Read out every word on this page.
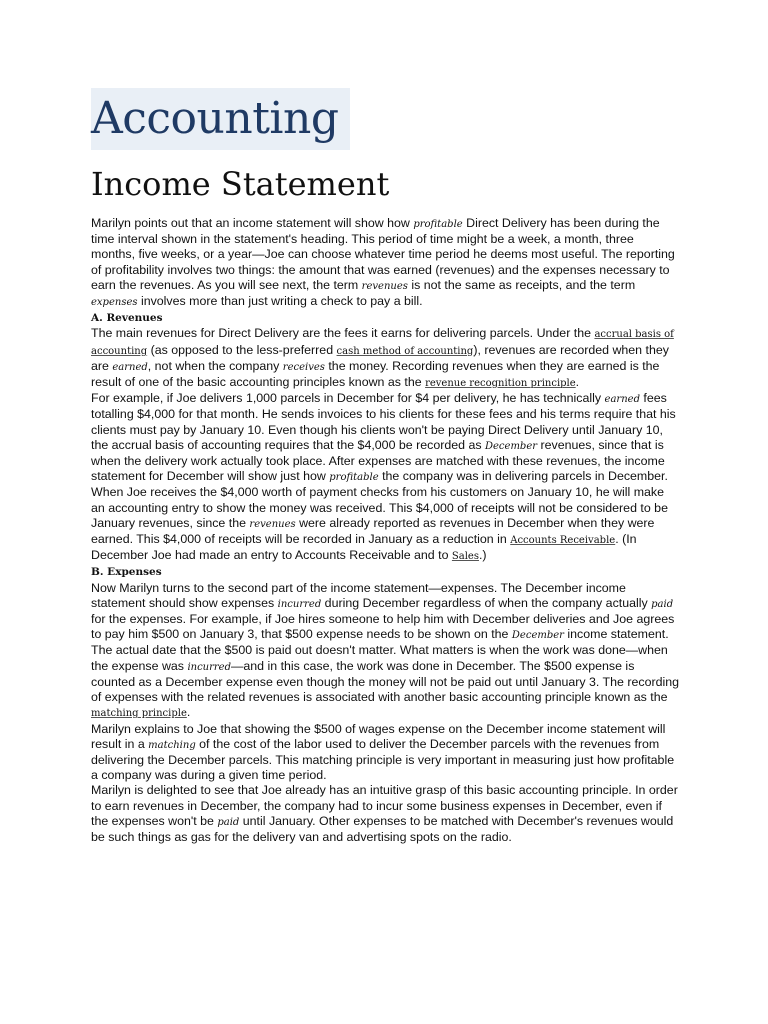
Accounting
Income Statement

Marilyn points out that an income statement will show how profitable Direct Delivery has been during the time interval shown in the statement's heading. This period of time might be a week, a month, three months, five weeks, or a year—Joe can choose whatever time period he deems most useful. The reporting of profitability involves two things: the amount that was earned (revenues) and the expenses necessary to earn the revenues. As you will see next, the term revenues is not the same as receipts, and the term expenses involves more than just writing a check to pay a bill.

A. Revenues

The main revenues for Direct Delivery are the fees it earns for delivering parcels. Under the accrual basis of accounting (as opposed to the less-preferred cash method of accounting), revenues are recorded when they are earned, not when the company receives the money. Recording revenues when they are earned is the result of one of the basic accounting principles known as the revenue recognition principle.

For example, if Joe delivers 1,000 parcels in December for $4 per delivery, he has technically earned fees totalling $4,000 for that month. He sends invoices to his clients for these fees and his terms require that his clients must pay by January 10. Even though his clients won't be paying Direct Delivery until January 10, the accrual basis of accounting requires that the $4,000 be recorded as December revenues, since that is when the delivery work actually took place. After expenses are matched with these revenues, the income statement for December will show just how profitable the company was in delivering parcels in December.

When Joe receives the $4,000 worth of payment checks from his customers on January 10, he will make an accounting entry to show the money was received. This $4,000 of receipts will not be considered to be January revenues, since the revenues were already reported as revenues in December when they were earned. This $4,000 of receipts will be recorded in January as a reduction in Accounts Receivable. (In December Joe had made an entry to Accounts Receivable and to Sales.)

B. Expenses

Now Marilyn turns to the second part of the income statement—expenses. The December income statement should show expenses incurred during December regardless of when the company actually paid for the expenses. For example, if Joe hires someone to help him with December deliveries and Joe agrees to pay him $500 on January 3, that $500 expense needs to be shown on the December income statement. The actual date that the $500 is paid out doesn't matter. What matters is when the work was done—when the expense was incurred—and in this case, the work was done in December. The $500 expense is counted as a December expense even though the money will not be paid out until January 3. The recording of expenses with the related revenues is associated with another basic accounting principle known as the matching principle.

Marilyn explains to Joe that showing the $500 of wages expense on the December income statement will result in a matching of the cost of the labor used to deliver the December parcels with the revenues from delivering the December parcels. This matching principle is very important in measuring just how profitable a company was during a given time period.

Marilyn is delighted to see that Joe already has an intuitive grasp of this basic accounting principle. In order to earn revenues in December, the company had to incur some business expenses in December, even if the expenses won't be paid until January. Other expenses to be matched with December's revenues would be such things as gas for the delivery van and advertising spots on the radio.
